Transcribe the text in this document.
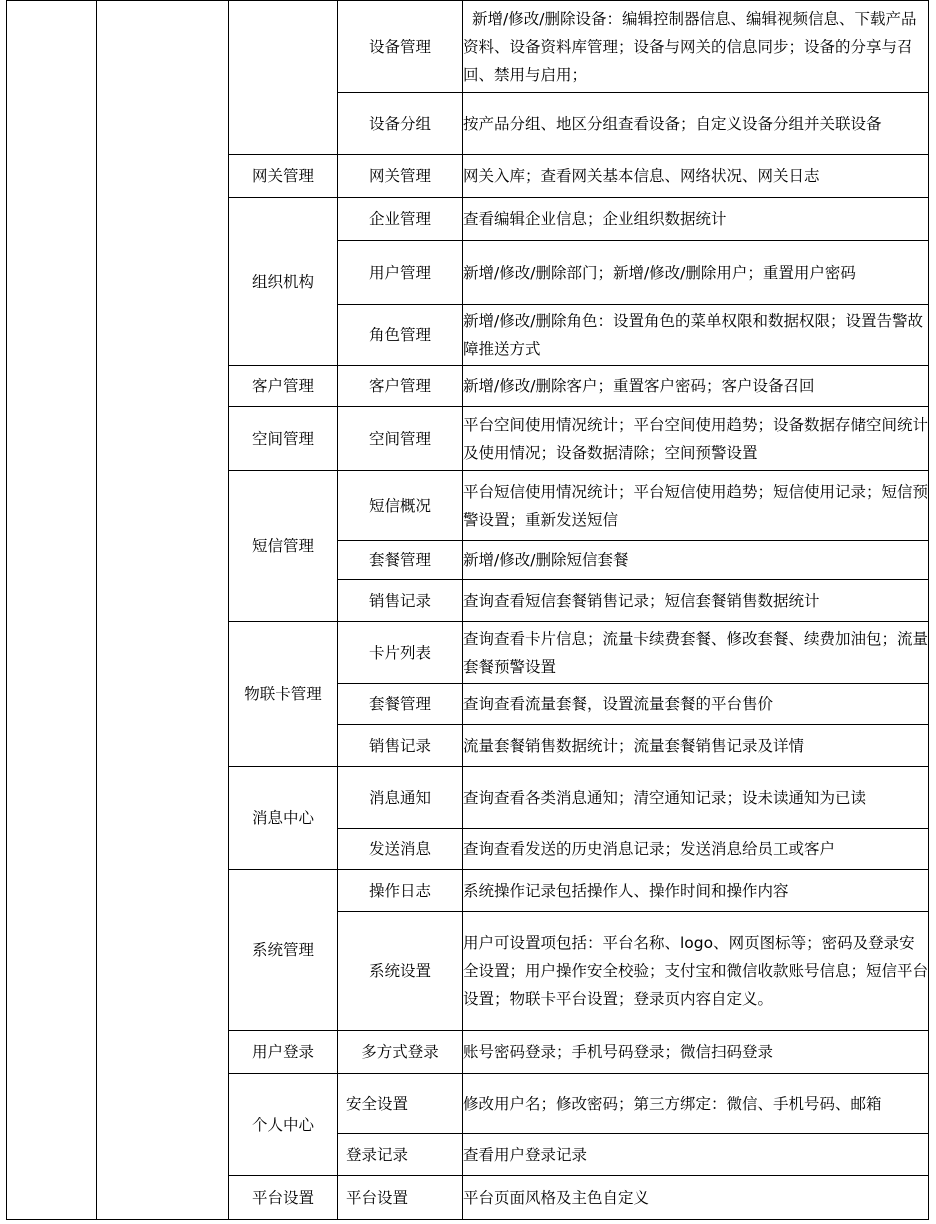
			设备管理	新增/修改/删除设备：编辑控制器信息、编辑视频信息、下载产品资料、设备资料库管理；设备与网关的信息同步；设备的分享与召回、禁用与启用；
			设备分组	按产品分组、地区分组查看设备；自定义设备分组并关联设备
		网关管理	网关管理	网关入库；查看网关基本信息、网络状况、网关日志
		组织机构	企业管理	查看编辑企业信息；企业组织数据统计
			用户管理	新增/修改/删除部门；新增/修改/删除用户；重置用户密码
			角色管理	新增/修改/删除角色：设置角色的菜单权限和数据权限；设置告警故障推送方式
		客户管理	客户管理	新增/修改/删除客户；重置客户密码；客户设备召回
		空间管理	空间管理	平台空间使用情况统计；平台空间使用趋势；设备数据存储空间统计及使用情况；设备数据清除；空间预警设置
		短信管理	短信概况	平台短信使用情况统计；平台短信使用趋势；短信使用记录；短信预警设置；重新发送短信
			套餐管理	新增/修改/删除短信套餐
			销售记录	查询查看短信套餐销售记录；短信套餐销售数据统计
		物联卡管理	卡片列表	查询查看卡片信息；流量卡续费套餐、修改套餐、续费加油包；流量套餐预警设置
			套餐管理	查询查看流量套餐，设置流量套餐的平台售价
			销售记录	流量套餐销售数据统计；流量套餐销售记录及详情
		消息中心	消息通知	查询查看各类消息通知；清空通知记录；设未读通知为已读
			发送消息	查询查看发送的历史消息记录；发送消息给员工或客户
		系统管理	操作日志	系统操作记录包括操作人、操作时间和操作内容
			系统设置	用户可设置项包括：平台名称、logo、网页图标等；密码及登录安全设置；用户操作安全校验；支付宝和微信收款账号信息；短信平台设置；物联卡平台设置；登录页内容自定义。
		用户登录	多方式登录	账号密码登录；手机号码登录；微信扫码登录
		个人中心	安全设置	修改用户名；修改密码；第三方绑定：微信、手机号码、邮箱
			登录记录	查看用户登录记录
		平台设置	平台设置	平台页面风格及主色自定义
